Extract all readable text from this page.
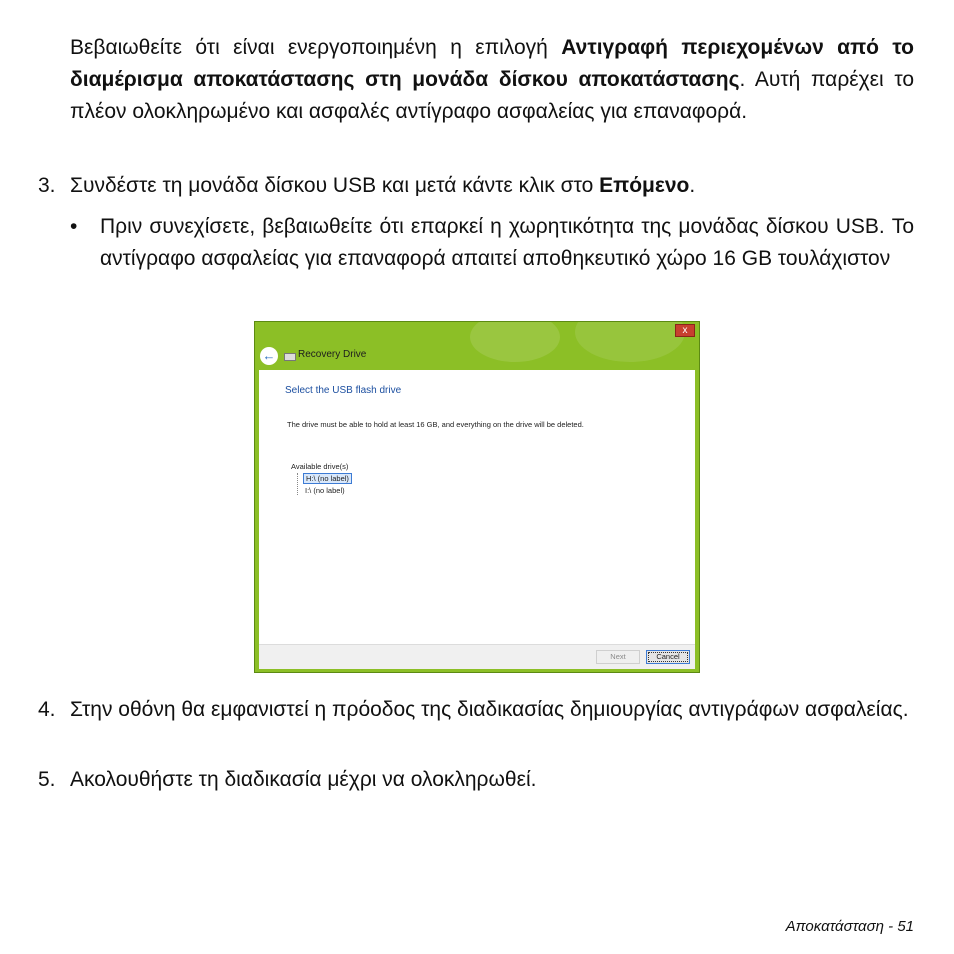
Βεβαιωθείτε ότι είναι ενεργοποιημένη η επιλογή Αντιγραφή περιεχομένων από το διαμέρισμα αποκατάστασης στη μονάδα δίσκου αποκατάστασης. Αυτή παρέχει το πλέον ολοκληρωμένο και ασφαλές αντίγραφο ασφαλείας για επαναφορά.

3. Συνδέστε τη μονάδα δίσκου USB και μετά κάντε κλικ στο Επόμενο.

• Πριν συνεχίσετε, βεβαιωθείτε ότι επαρκεί η χωρητικότητα της μονάδας δίσκου USB. Το αντίγραφο ασφαλείας για επαναφορά απαιτεί αποθηκευτικό χώρο 16 GB τουλάχιστον

x
← Recovery Drive
Select the USB flash drive
The drive must be able to hold at least 16 GB, and everything on the drive will be deleted.
Available drive(s)
H:\ (no label)
I:\ (no label)
Next	Cancel
4. Στην οθόνη θα εμφανιστεί η πρόοδος της διαδικασίας δημιουργίας αντιγράφων ασφαλείας.

5. Ακολουθήστε τη διαδικασία μέχρι να ολοκληρωθεί.

Αποκατάσταση - 51
